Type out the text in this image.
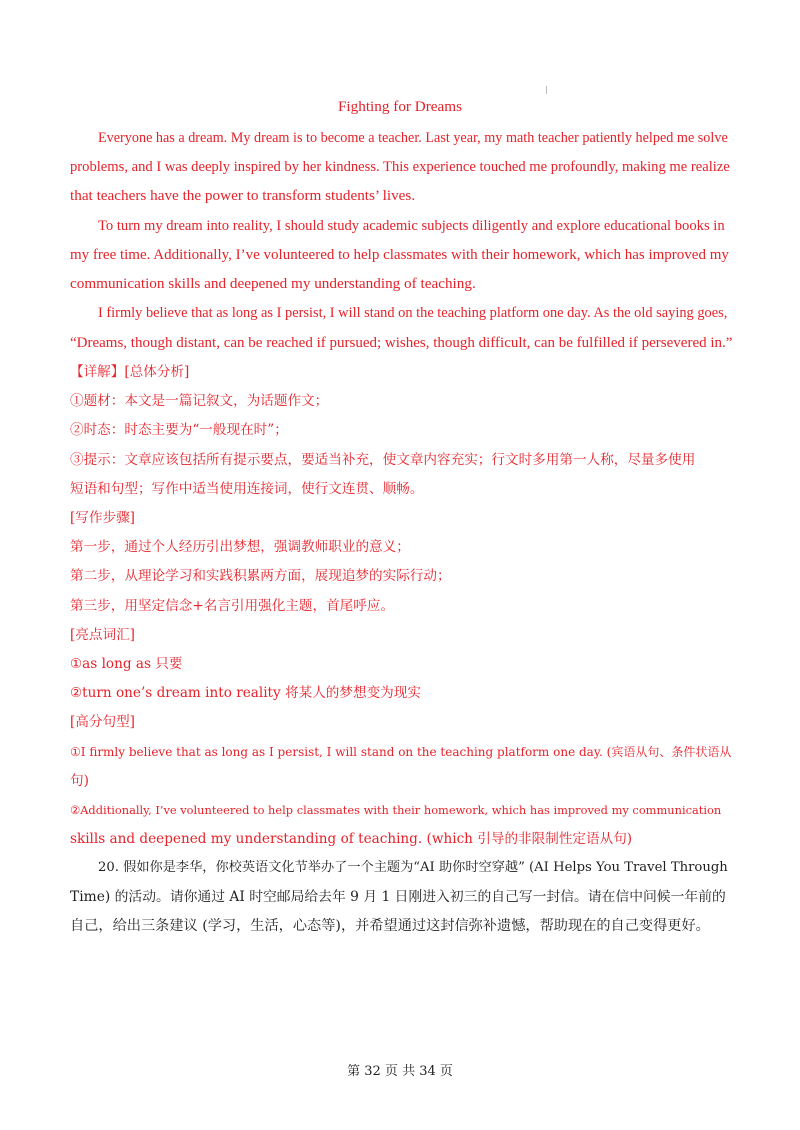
Fighting for Dreams
Everyone has a dream. My dream is to become a teacher. Last year, my math teacher patiently helped me solve
problems, and I was deeply inspired by her kindness. This experience touched me profoundly, making me realize
that teachers have the power to transform students’ lives.
To turn my dream into reality, I should study academic subjects diligently and explore educational books in
my free time. Additionally, I’ve volunteered to help classmates with their homework, which has improved my
communication skills and deepened my understanding of teaching.
I firmly believe that as long as I persist, I will stand on the teaching platform one day. As the old saying goes,
“Dreams, though distant, can be reached if pursued; wishes, though difficult, can be fulfilled if persevered in.”
【详解】[总体分析]
①题材：本文是一篇记叙文，为话题作文；
②时态：时态主要为“一般现在时”；
③提示：文章应该包括所有提示要点，要适当补充，使文章内容充实；行文时多用第一人称，尽量多使用
短语和句型；写作中适当使用连接词，使行文连贯、顺畅。
[写作步骤]
第一步，通过个人经历引出梦想，强调教师职业的意义；
第二步，从理论学习和实践积累两方面，展现追梦的实际行动；
第三步，用坚定信念+名言引用强化主题，首尾呼应。
[亮点词汇]
①as long as 只要
②turn one’s dream into reality 将某人的梦想变为现实
[高分句型]
①I firmly believe that as long as I persist, I will stand on the teaching platform one day. (宾语从句、条件状语从
句)
②Additionally, I’ve volunteered to help classmates with their homework, which has improved my communication
skills and deepened my understanding of teaching. (which 引导的非限制性定语从句)
20. 假如你是李华，你校英语文化节举办了一个主题为“AI 助你时空穿越” (AI Helps You Travel Through
Time) 的活动。请你通过 AI 时空邮局给去年 9 月 1 日刚进入初三的自己写一封信。请在信中问候一年前的
自己，给出三条建议 (学习，生活，心态等)，并希望通过这封信弥补遗憾，帮助现在的自己变得更好。
第 32 页 共 34 页
